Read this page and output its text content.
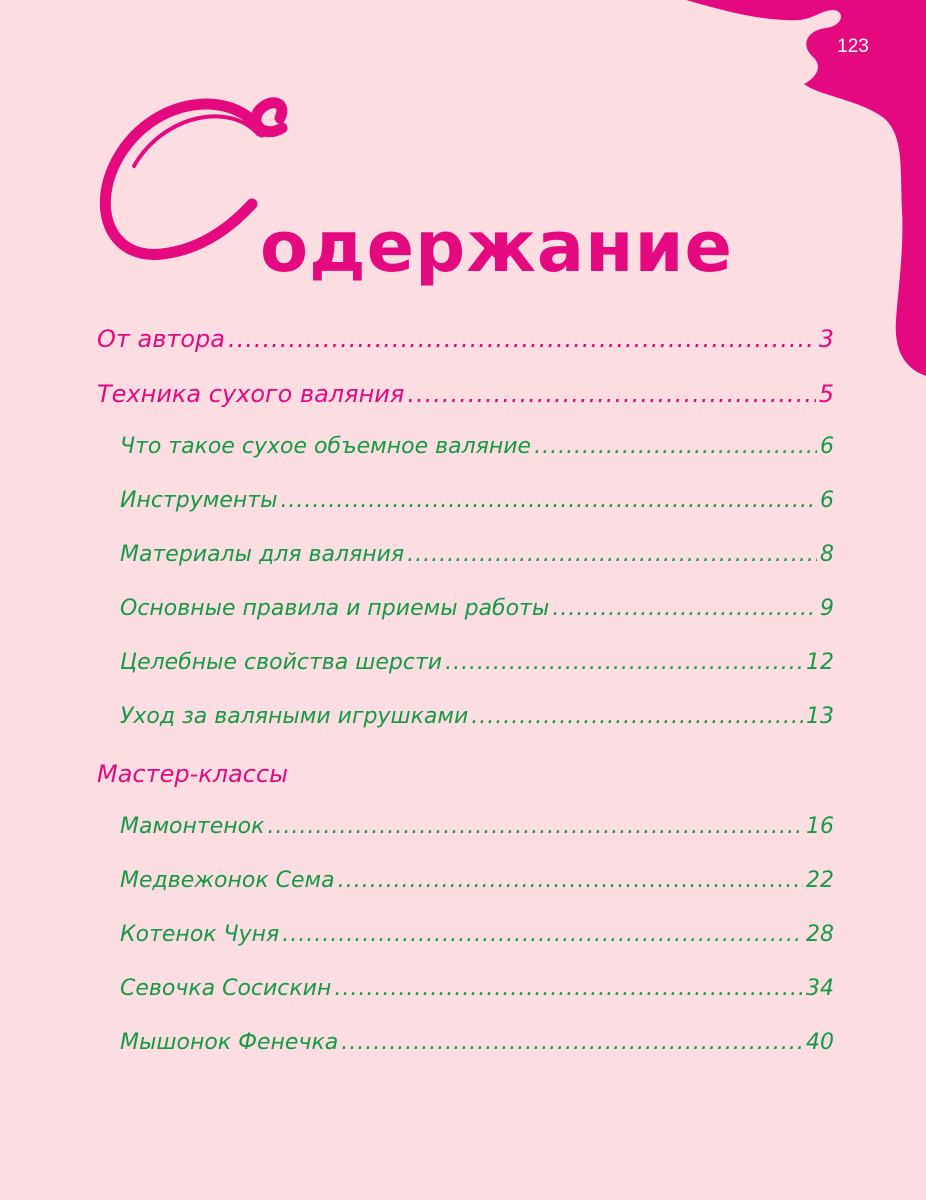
123
одержание
От автора .....	3
Техника сухого валяния .....	5
Что такое сухое объемное валяние .....	6
Инструменты .....	6
Материалы для валяния .....	8
Основные правила и приемы работы .....	9
Целебные свойства шерсти .....	12
Уход за валяными игрушками .....	13
Мастер-классы
Мамонтенок .....	16
Медвежонок Сема .....	22
Котенок Чуня .....	28
Севочка Сосискин .....	34
Мышонок Фенечка .....	40
